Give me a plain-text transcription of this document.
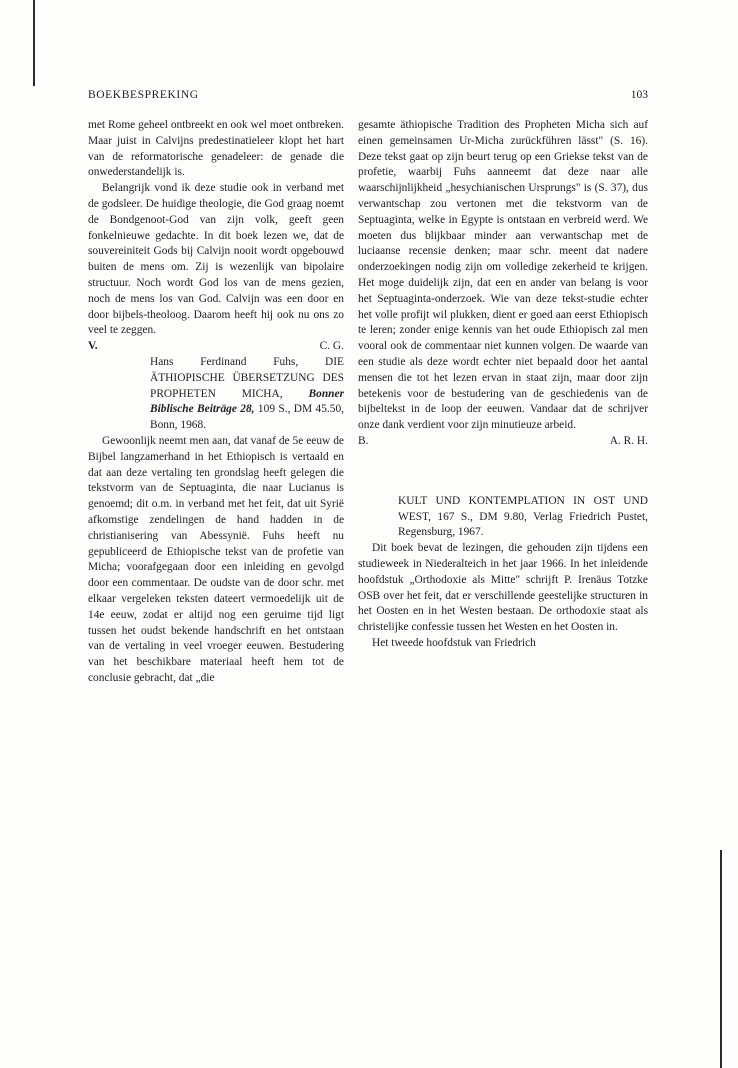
BOEKBESPREKING	103

met Rome geheel ontbreekt en ook wel moet ontbreken. Maar juist in Calvijns predestinatieleer klopt het hart van de reformatorische genadeleer: de genade die onwederstandelijk is.

Belangrijk vond ik deze studie ook in verband met de godsleer. De huidige theologie, die God graag noemt de Bondgenoot-God van zijn volk, geeft geen fonkelnieuwe gedachte. In dit boek lezen we, dat de souvereiniteit Gods bij Calvijn nooit wordt opgebouwd buiten de mens om. Zij is wezenlijk van bipolaire structuur. Noch wordt God los van de mens gezien, noch de mens los van God. Calvijn was een door en door bijbels-theoloog. Daarom heeft hij ook nu ons zo veel te zeggen.

V.	C. G.

Hans Ferdinand Fuhs, DIE ÄTHIOPISCHE ÜBERSETZUNG DES PROPHETEN MICHA, Bonner Biblische Beiträge 28, 109 S., DM 45.50, Bonn, 1968.

Gewoonlijk neemt men aan, dat vanaf de 5e eeuw de Bijbel langzamerhand in het Ethiopisch is vertaald en dat aan deze vertaling ten grondslag heeft gelegen die tekstvorm van de Septuaginta, die naar Lucianus is genoemd; dit o.m. in verband met het feit, dat uit Syrië afkomstige zendelingen de hand hadden in de christianisering van Abessynië. Fuhs heeft nu gepubliceerd de Ethiopische tekst van de profetie van Micha; voorafgegaan door een inleiding en gevolgd door een commentaar. De oudste van de door schr. met elkaar vergeleken teksten dateert vermoedelijk uit de 14e eeuw, zodat er altijd nog een geruime tijd ligt tussen het oudst bekende handschrift en het ontstaan van de vertaling in veel vroeger eeuwen. Bestudering van het beschikbare materiaal heeft hem tot de conclusie gebracht, dat „die

gesamte äthiopische Tradition des Propheten Micha sich auf einen gemeinsamen Ur-Micha zurückführen lässt" (S. 16). Deze tekst gaat op zijn beurt terug op een Griekse tekst van de profetie, waarbij Fuhs aanneemt dat deze naar alle waarschijnlijkheid „hesychianischen Ursprungs" is (S. 37), dus verwantschap zou vertonen met die tekstvorm van de Septuaginta, welke in Egypte is ontstaan en verbreid werd. We moeten dus blijkbaar minder aan verwantschap met de luciaanse recensie denken; maar schr. meent dat nadere onderzoekingen nodig zijn om volledige zekerheid te krijgen. Het moge duidelijk zijn, dat een en ander van belang is voor het Septuaginta-onderzoek. Wie van deze tekst-studie echter het volle profijt wil plukken, dient er goed aan eerst Ethiopisch te leren; zonder enige kennis van het oude Ethiopisch zal men vooral ook de commentaar niet kunnen volgen. De waarde van een studie als deze wordt echter niet bepaald door het aantal mensen die tot het lezen ervan in staat zijn, maar door zijn betekenis voor de bestudering van de geschiedenis van de bijbeltekst in de loop der eeuwen. Vandaar dat de schrijver onze dank verdient voor zijn minutieuze arbeid.

B.	A. R. H.

KULT UND KONTEMPLATION IN OST UND WEST, 167 S., DM 9.80, Verlag Friedrich Pustet, Regensburg, 1967.

Dit boek bevat de lezingen, die gehouden zijn tijdens een studieweek in Niederalteich in het jaar 1966. In het inleidende hoofdstuk „Orthodoxie als Mitte" schrijft P. Irenäus Totzke OSB over het feit, dat er verschillende geestelijke structuren in het Oosten en in het Westen bestaan. De orthodoxie staat als christelijke confessie tussen het Westen en het Oosten in.

Het tweede hoofdstuk van Friedrich
